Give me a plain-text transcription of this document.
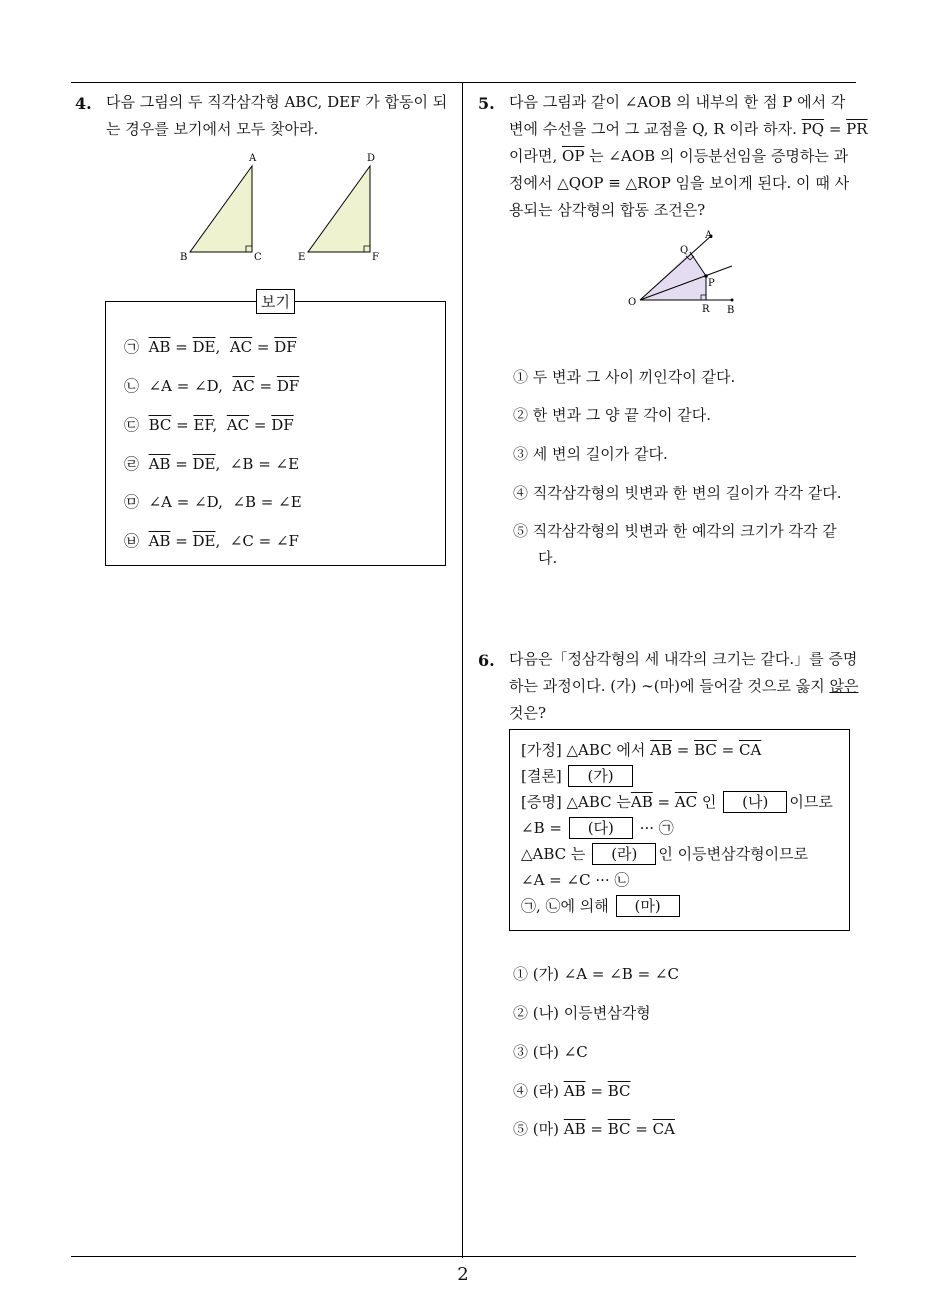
4. 다음 그림의 두 직각삼각형 ABC, DEF 가 합동이 되
는 경우를 보기에서 모두 찾아라.
A
B	C
D
E	F
보기
㉠ $\overline{AB} = \overline{DE}$,  $\overline{AC} = \overline{DF}$
㉡ ∠A = ∠D,  $\overline{AC} = \overline{DF}$
㉢ $\overline{BC} = \overline{EF}$,  $\overline{AC} = \overline{DF}$
㉣ $\overline{AB} = \overline{DE}$,  ∠B = ∠E
㉤ ∠A = ∠D,  ∠B = ∠E
㉥ $\overline{AB} = \overline{DE}$,  ∠C = ∠F
5. 다음 그림과 같이 ∠AOB 의 내부의 한 점 P 에서 각
변에 수선을 그어 그 교점을 Q, R 이라 하자. $\overline{PQ} = \overline{PR}$
이라면, $\overline{OP}$ 는 ∠AOB 의 이등분선임을 증명하는 과
정에서 △QOP ≡ △ROP 임을 보이게 된다. 이 때 사
용되는 삼각형의 합동 조건은?
O
A
Q
P
R B
① 두 변과 그 사이 끼인각이 같다.
② 한 변과 그 양 끝 각이 같다.
③ 세 변의 길이가 같다.
④ 직각삼각형의 빗변과 한 변의 길이가 각각 같다.
⑤ 직각삼각형의 빗변과 한 예각의 크기가 각각 같
다.
6. 다음은「정삼각형의 세 내각의 크기는 같다.」를 증명
하는 과정이다. (가) ∼(마)에 들어갈 것으로 옳지 않은
것은?
[가정] △ABC 에서 $\overline{AB} = \overline{BC} = \overline{CA}$
[결론] (가)
[증명] △ABC 는$\overline{AB} = \overline{AC}$ 인 (나) 이므로
∠B = (다) ··· ㉠
△ABC 는 (라) 인 이등변삼각형이므로
∠A = ∠C ··· ㉡
㉠, ㉡에 의해 (마)
① (가) ∠A = ∠B = ∠C
② (나) 이등변삼각형
③ (다) ∠C
④ (라) $\overline{AB} = \overline{BC}$
⑤ (마) $\overline{AB} = \overline{BC} = \overline{CA}$
2
